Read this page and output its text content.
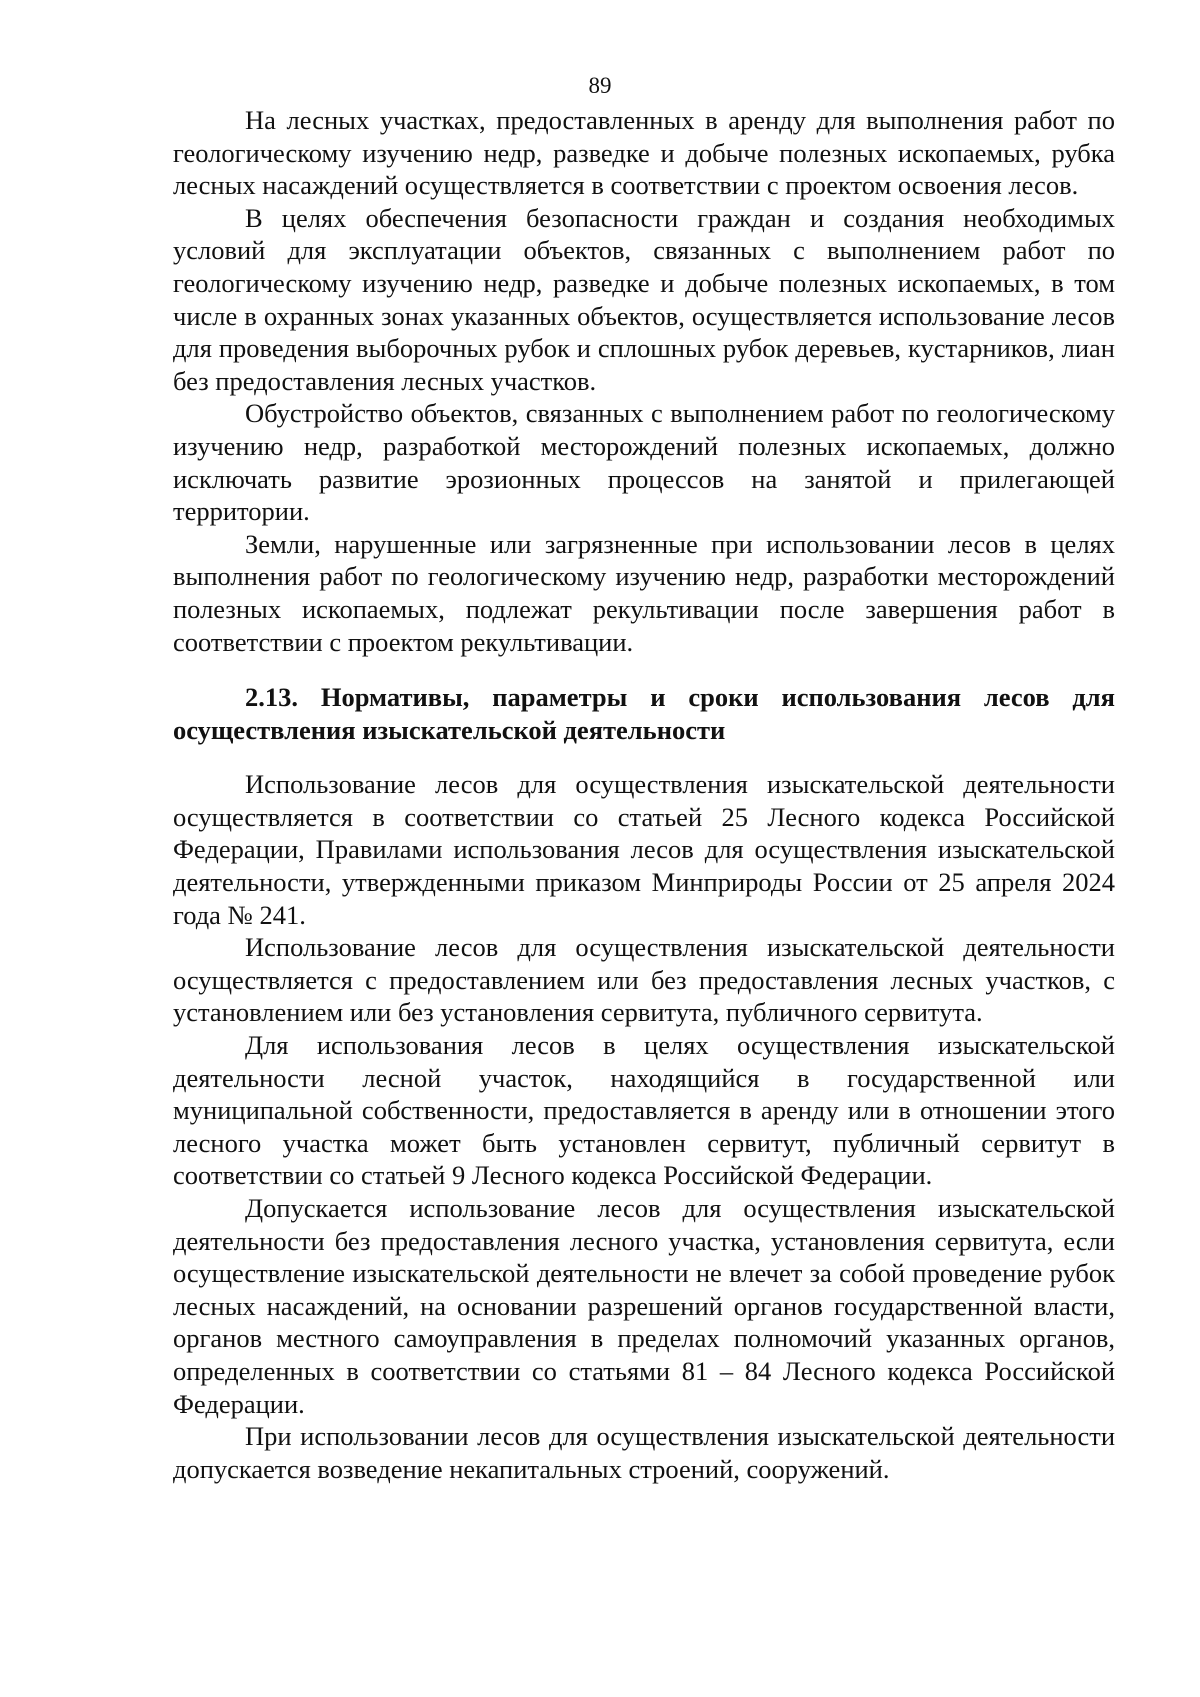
89

На лесных участках, предоставленных в аренду для выполнения работ по геологическому изучению недр, разведке и добыче полезных ископаемых, рубка лесных насаждений осуществляется в соответствии с проектом освоения лесов.

В целях обеспечения безопасности граждан и создания необходимых условий для эксплуатации объектов, связанных с выполнением работ по геологическому изучению недр, разведке и добыче полезных ископаемых, в том числе в охранных зонах указанных объектов, осуществляется использование лесов для проведения выборочных рубок и сплошных рубок деревьев, кустарников, лиан без предоставления лесных участков.

Обустройство объектов, связанных с выполнением работ по геологическому изучению недр, разработкой месторождений полезных ископаемых, должно исключать развитие эрозионных процессов на занятой и прилегающей территории.

Земли, нарушенные или загрязненные при использовании лесов в целях выполнения работ по геологическому изучению недр, разработки месторождений полезных ископаемых, подлежат рекультивации после завершения работ в соответствии с проектом рекультивации.

2.13. Нормативы, параметры и сроки использования лесов для осуществления изыскательской деятельности

Использование лесов для осуществления изыскательской деятельности осуществляется в соответствии со статьей 25 Лесного кодекса Российской Федерации, Правилами использования лесов для осуществления изыскательской деятельности, утвержденными приказом Минприроды России от 25 апреля 2024 года № 241.

Использование лесов для осуществления изыскательской деятельности осуществляется с предоставлением или без предоставления лесных участков, с установлением или без установления сервитута, публичного сервитута.

Для использования лесов в целях осуществления изыскательской деятельности лесной участок, находящийся в государственной или муниципальной собственности, предоставляется в аренду или в отношении этого лесного участка может быть установлен сервитут, публичный сервитут в соответствии со статьей 9 Лесного кодекса Российской Федерации.

Допускается использование лесов для осуществления изыскательской деятельности без предоставления лесного участка, установления сервитута, если осуществление изыскательской деятельности не влечет за собой проведение рубок лесных насаждений, на основании разрешений органов государственной власти, органов местного самоуправления в пределах полномочий указанных органов, определенных в соответствии со статьями 81 – 84 Лесного кодекса Российской Федерации.

При использовании лесов для осуществления изыскательской деятельности допускается возведение некапитальных строений, сооружений.
